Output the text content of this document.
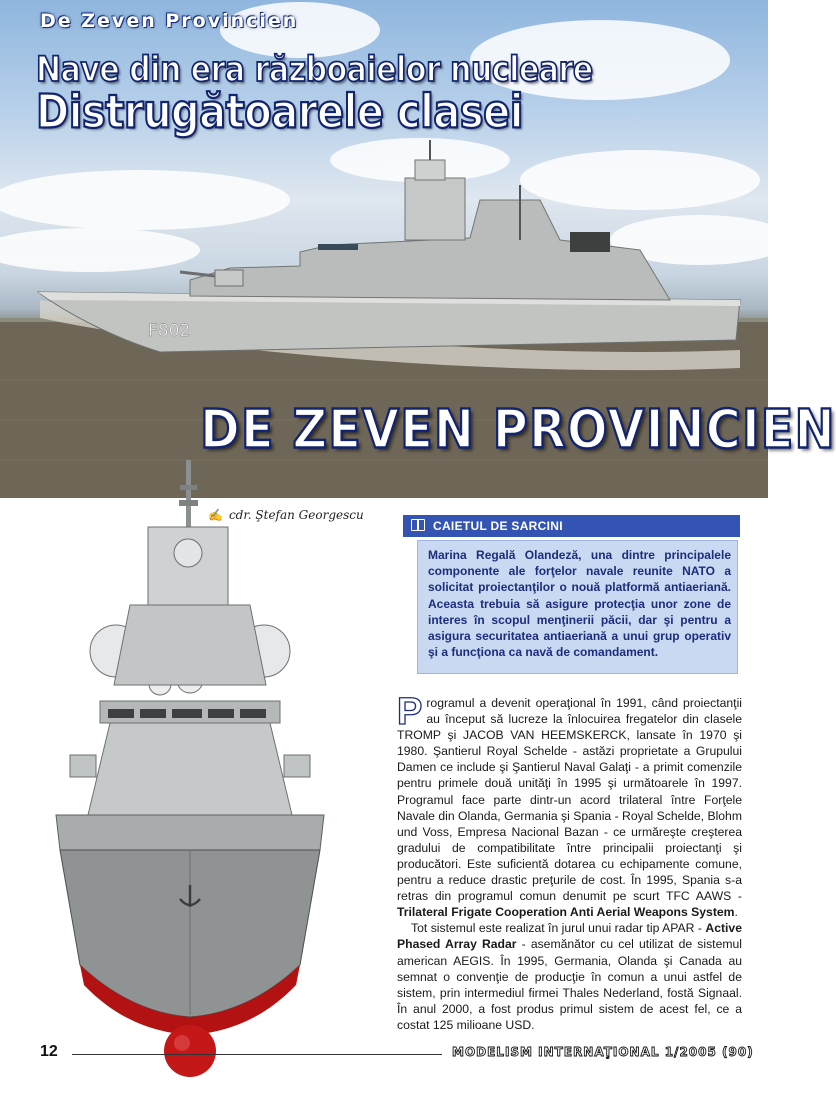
F802
De Zeven Provincien
Nave din era războaielor nucleare
Distrugătoarele clasei
DE ZEVEN PROVINCIEN
✍ cdr. Ştefan Georgescu
CAIETUL DE SARCINI
Marina Regală Olandeză, una dintre principalele componente ale forţelor navale reunite NATO a solicitat proiectanţilor o nouă platformă antiaeriană. Aceasta trebuia să asigure protecţia unor zone de interes în scopul menţinerii păcii, dar şi pentru a asigura securitatea antiaeriană a unui grup operativ şi a funcţiona ca navă de comandament.

Programul a devenit operaţional în 1991, când proiectanţii au început să lucreze la înlocuirea fregatelor din clasele TROMP şi JACOB VAN HEEMSKERCK, lansate în 1970 şi 1980. Şantierul Royal Schelde - astăzi proprietate a Grupului Damen ce include şi Şantierul Naval Galaţi - a primit comenzile pentru primele două unităţi în 1995 şi următoarele în 1997. Programul face parte dintr-un acord trilateral între Forţele Navale din Olanda, Germania şi Spania - Royal Schelde, Blohm und Voss, Empresa Nacional Bazan - ce urmăreşte creşterea gradului de compatibilitate între principalii proiectanţi şi producători. Este suficientă dotarea cu echipamente comune, pentru a reduce drastic preţurile de cost. În 1995, Spania s-a retras din programul comun denumit pe scurt TFC AAWS - Trilateral Frigate Cooperation Anti Aerial Weapons System.

Tot sistemul este realizat în jurul unui radar tip APAR - Active Phased Array Radar - asemănător cu cel utilizat de sistemul american AEGIS. În 1995, Germania, Olanda şi Canada au semnat o convenţie de producţie în comun a unui astfel de sistem, prin intermediul firmei Thales Nederland, fostă Signaal. În anul 2000, a fost produs primul sistem de acest fel, ce a costat 125 milioane USD.

12	MODELISM INTERNAŢIONAL 1/2005 (90)
